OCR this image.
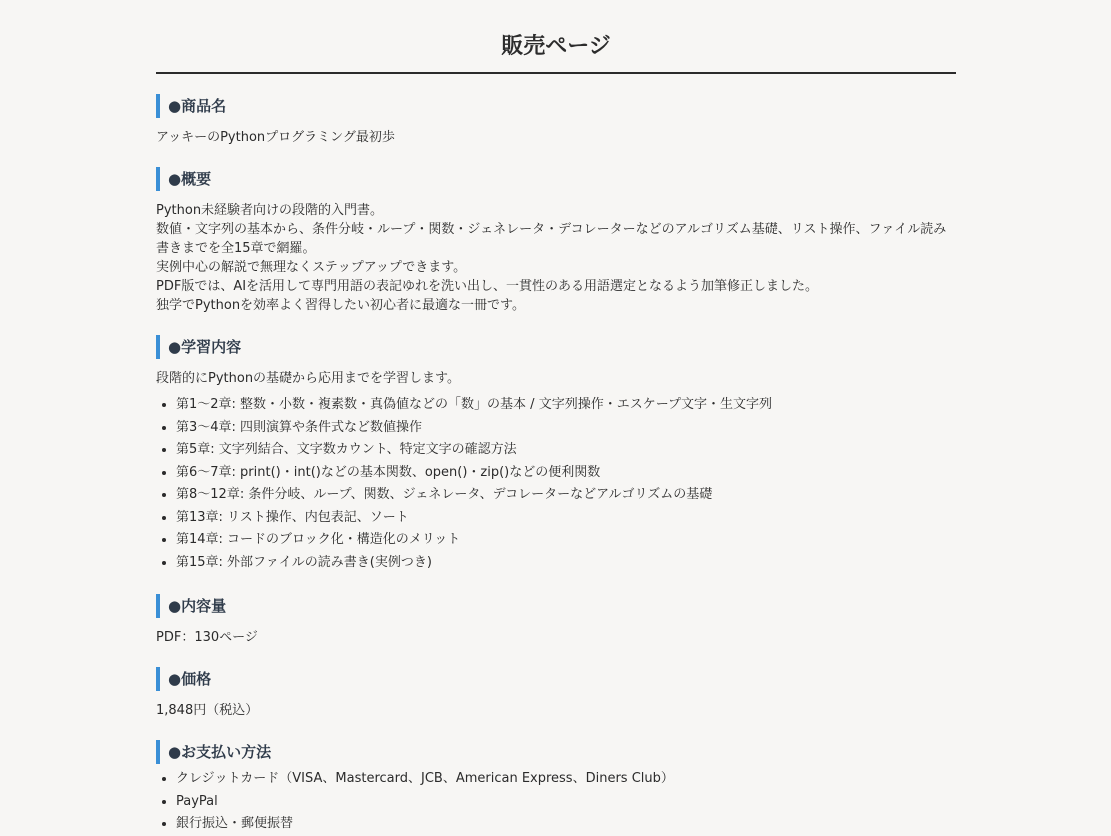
販売ページ
●商品名

アッキーのPythonプログラミング最初歩

●概要

Python未経験者向けの段階的入門書。

数値・文字列の基本から、条件分岐・ループ・関数・ジェネレータ・デコレーターなどのアルゴリズム基礎、リスト操作、ファイル読み書きまでを全15章で網羅。

実例中心の解説で無理なくステップアップできます。

PDF版では、AIを活用して専門用語の表記ゆれを洗い出し、一貫性のある用語選定となるよう加筆修正しました。

独学でPythonを効率よく習得したい初心者に最適な一冊です。

●学習内容

段階的にPythonの基礎から応用までを学習します。

• 第1〜2章: 整数・小数・複素数・真偽値などの「数」の基本 / 文字列操作・エスケープ文字・生文字列
• 第3〜4章: 四則演算や条件式など数値操作
• 第5章: 文字列結合、文字数カウント、特定文字の確認方法
• 第6〜7章: print()・int()などの基本関数、open()・zip()などの便利関数
• 第8〜12章: 条件分岐、ループ、関数、ジェネレータ、デコレーターなどアルゴリズムの基礎
• 第13章: リスト操作、内包表記、ソート
• 第14章: コードのブロック化・構造化のメリット
• 第15章: 外部ファイルの読み書き(実例つき)
●内容量

PDF：130ページ

●価格

1,848円（税込）

●お支払い方法
• クレジットカード（VISA、Mastercard、JCB、American Express、Diners Club）
• PayPal
• 銀行振込・郵便振替
